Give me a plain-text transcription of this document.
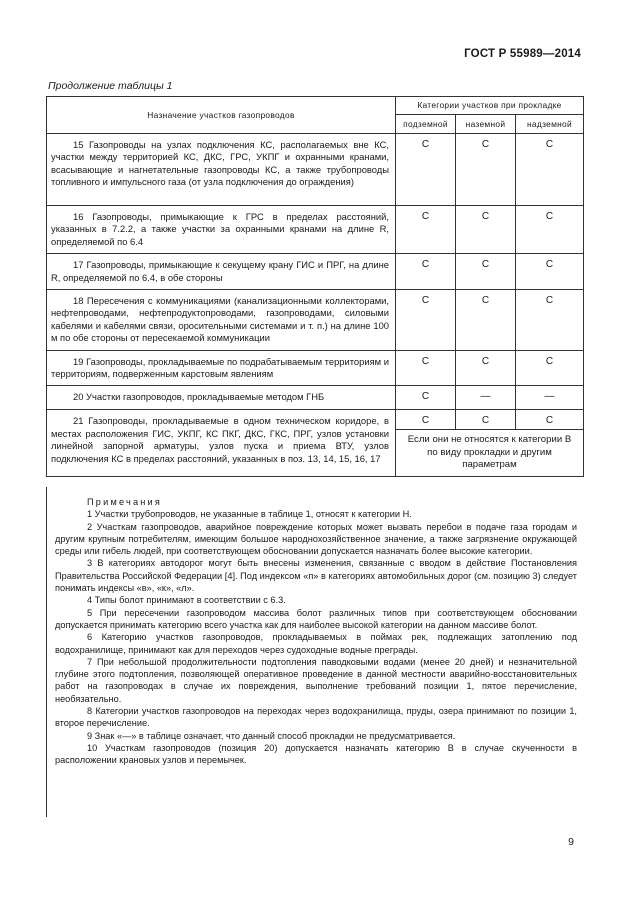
ГОСТ Р 55989—2014
Продолжение таблицы 1
Назначение участков газопроводов	Категории участков при прокладке		
	подземной	наземной	надземной

15 Газопроводы на узлах подключения КС, располагаемых вне КС, участки между территорией КС, ДКС, ГРС, УКПГ и охранными кранами, всасывающие и нагнетательные газопроводы КС, а также трубопроводы топливного и импульсного газа (от узла подключения до ограждения)	С	С	С

16 Газопроводы, примыкающие к ГРС в пределах расстояний, указанных в 7.2.2, а также участки за охранными кранами на длине R, определяемой по 6.4	С	С	С

17 Газопроводы, примыкающие к секущему крану ГИС и ПРГ, на длине R, определяемой по 6.4, в обе стороны	С	С	С

18 Пересечения с коммуникациями (канализационными коллекторами, нефтепроводами, нефтепродуктопроводами, газопроводами, силовыми кабелями и кабелями связи, оросительными системами и т. п.) на длине 100 м по обе стороны от пересекаемой коммуникации	С	С	С

19 Газопроводы, прокладываемые по подрабатываемым территориям и территориям, подверженным карстовым явлениям	С	С	С

20 Участки газопроводов, прокладываемые методом ГНБ	С	—	—

21 Газопроводы, прокладываемые в одном техническом коридоре, в местах расположения ГИС, УКПГ, КС ПКГ, ДКС, ГКС, ПРГ, узлов установки линейной запорной арматуры, узлов пуска и приема ВТУ, узлов подключения КС в пределах расстояний, указанных в поз. 13, 14, 15, 16, 17	С	С	С
	Если они не относятся к категории В по виду прокладки и другим параметрам		

Примечания

1 Участки трубопроводов, не указанные в таблице 1, относят к категории Н.

2 Участкам газопроводов, аварийное повреждение которых может вызвать перебои в подаче газа городам и другим крупным потребителям, имеющим большое народнохозяйственное значение, а также загрязнение окружающей среды или гибель людей, при соответствующем обосновании допускается назначать более высокие категории.

3 В категориях автодорог могут быть внесены изменения, связанные с вводом в действие Постановления Правительства Российской Федерации [4]. Под индексом «п» в категориях автомобильных дорог (см. позицию 3) следует понимать индексы «в», «к», «л».

4 Типы болот принимают в соответствии с 6.3.

5 При пересечении газопроводом массива болот различных типов при соответствующем обосновании допускается принимать категорию всего участка как для наиболее высокой категории на данном массиве болот.

6 Категорию участков газопроводов, прокладываемых в поймах рек, подлежащих затоплению под водохранилище, принимают как для переходов через судоходные водные преграды.

7 При небольшой продолжительности подтопления паводковыми водами (менее 20 дней) и незначительной глубине этого подтопления, позволяющей оперативное проведение в данной местности аварийно-восстановительных работ на газопроводах в случае их повреждения, выполнение требований позиции 1, пятое перечисление, необязательно.

8 Категории участков газопроводов на переходах через водохранилища, пруды, озера принимают по позиции 1, второе перечисление.

9 Знак «—» в таблице означает, что данный способ прокладки не предусматривается.

10 Участкам газопроводов (позиция 20) допускается назначать категорию В в случае скученности в расположении крановых узлов и перемычек.

9
